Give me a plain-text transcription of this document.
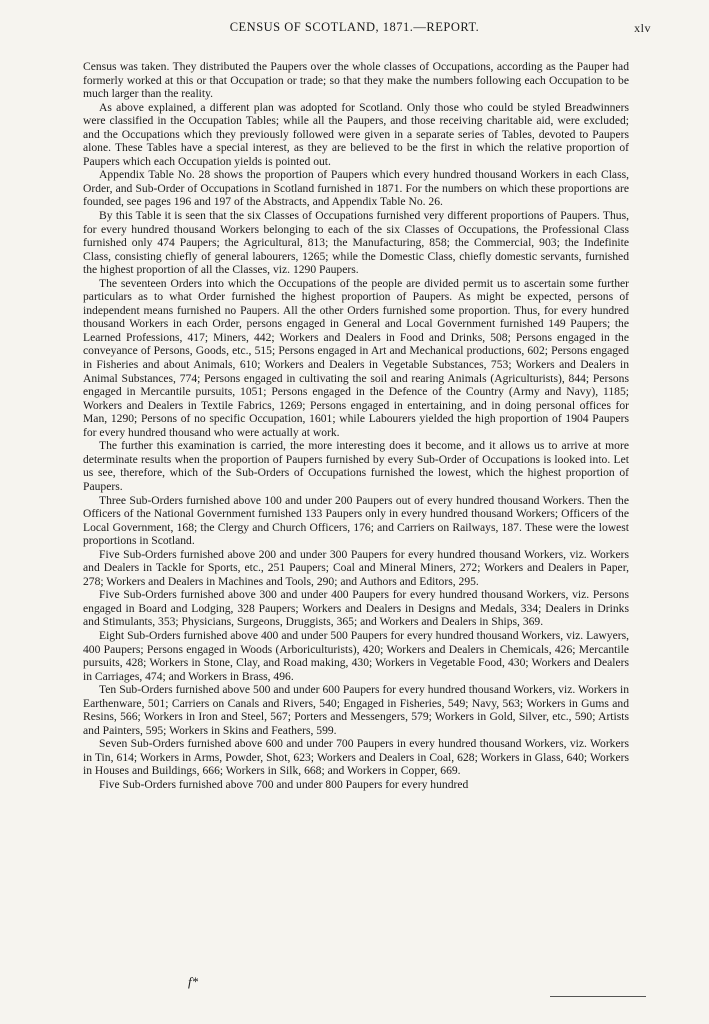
CENSUS OF SCOTLAND, 1871.—REPORT.	xlv

Census was taken. They distributed the Paupers over the whole classes of Occupations, according as the Pauper had formerly worked at this or that Occupation or trade; so that they make the numbers following each Occupation to be much larger than the reality.

As above explained, a different plan was adopted for Scotland. Only those who could be styled Breadwinners were classified in the Occupation Tables; while all the Paupers, and those receiving charitable aid, were excluded; and the Occupations which they previously followed were given in a separate series of Tables, devoted to Paupers alone. These Tables have a special interest, as they are believed to be the first in which the relative proportion of Paupers which each Occupation yields is pointed out.

Appendix Table No. 28 shows the proportion of Paupers which every hundred thousand Workers in each Class, Order, and Sub-Order of Occupations in Scotland furnished in 1871. For the numbers on which these proportions are founded, see pages 196 and 197 of the Abstracts, and Appendix Table No. 26.

By this Table it is seen that the six Classes of Occupations furnished very different proportions of Paupers. Thus, for every hundred thousand Workers belonging to each of the six Classes of Occupations, the Professional Class furnished only 474 Paupers; the Agricultural, 813; the Manufacturing, 858; the Commercial, 903; the Indefinite Class, consisting chiefly of general labourers, 1265; while the Domestic Class, chiefly domestic servants, furnished the highest proportion of all the Classes, viz. 1290 Paupers.

The seventeen Orders into which the Occupations of the people are divided permit us to ascertain some further particulars as to what Order furnished the highest proportion of Paupers. As might be expected, persons of independent means furnished no Paupers. All the other Orders furnished some proportion. Thus, for every hundred thousand Workers in each Order, persons engaged in General and Local Government furnished 149 Paupers; the Learned Professions, 417; Miners, 442; Workers and Dealers in Food and Drinks, 508; Persons engaged in the conveyance of Persons, Goods, etc., 515; Persons engaged in Art and Mechanical productions, 602; Persons engaged in Fisheries and about Animals, 610; Workers and Dealers in Vegetable Substances, 753; Workers and Dealers in Animal Substances, 774; Persons engaged in cultivating the soil and rearing Animals (Agriculturists), 844; Persons engaged in Mercantile pursuits, 1051; Persons engaged in the Defence of the Country (Army and Navy), 1185; Workers and Dealers in Textile Fabrics, 1269; Persons engaged in entertaining, and in doing personal offices for Man, 1290; Persons of no specific Occupation, 1601; while Labourers yielded the high proportion of 1904 Paupers for every hundred thousand who were actually at work.

The further this examination is carried, the more interesting does it become, and it allows us to arrive at more determinate results when the proportion of Paupers furnished by every Sub-Order of Occupations is looked into. Let us see, therefore, which of the Sub-Orders of Occupations furnished the lowest, which the highest proportion of Paupers.

Three Sub-Orders furnished above 100 and under 200 Paupers out of every hundred thousand Workers. Then the Officers of the National Government furnished 133 Paupers only in every hundred thousand Workers; Officers of the Local Government, 168; the Clergy and Church Officers, 176; and Carriers on Railways, 187. These were the lowest proportions in Scotland.

Five Sub-Orders furnished above 200 and under 300 Paupers for every hundred thousand Workers, viz. Workers and Dealers in Tackle for Sports, etc., 251 Paupers; Coal and Mineral Miners, 272; Workers and Dealers in Paper, 278; Workers and Dealers in Machines and Tools, 290; and Authors and Editors, 295.

Five Sub-Orders furnished above 300 and under 400 Paupers for every hundred thousand Workers, viz. Persons engaged in Board and Lodging, 328 Paupers; Workers and Dealers in Designs and Medals, 334; Dealers in Drinks and Stimulants, 353; Physicians, Surgeons, Druggists, 365; and Workers and Dealers in Ships, 369.

Eight Sub-Orders furnished above 400 and under 500 Paupers for every hundred thousand Workers, viz. Lawyers, 400 Paupers; Persons engaged in Woods (Arboriculturists), 420; Workers and Dealers in Chemicals, 426; Mercantile pursuits, 428; Workers in Stone, Clay, and Road making, 430; Workers in Vegetable Food, 430; Workers and Dealers in Carriages, 474; and Workers in Brass, 496.

Ten Sub-Orders furnished above 500 and under 600 Paupers for every hundred thousand Workers, viz. Workers in Earthenware, 501; Carriers on Canals and Rivers, 540; Engaged in Fisheries, 549; Navy, 563; Workers in Gums and Resins, 566; Workers in Iron and Steel, 567; Porters and Messengers, 579; Workers in Gold, Silver, etc., 590; Artists and Painters, 595; Workers in Skins and Feathers, 599.

Seven Sub-Orders furnished above 600 and under 700 Paupers in every hundred thousand Workers, viz. Workers in Tin, 614; Workers in Arms, Powder, Shot, 623; Workers and Dealers in Coal, 628; Workers in Glass, 640; Workers in Houses and Buildings, 666; Workers in Silk, 668; and Workers in Copper, 669.

Five Sub-Orders furnished above 700 and under 800 Paupers for every hundred

f*
